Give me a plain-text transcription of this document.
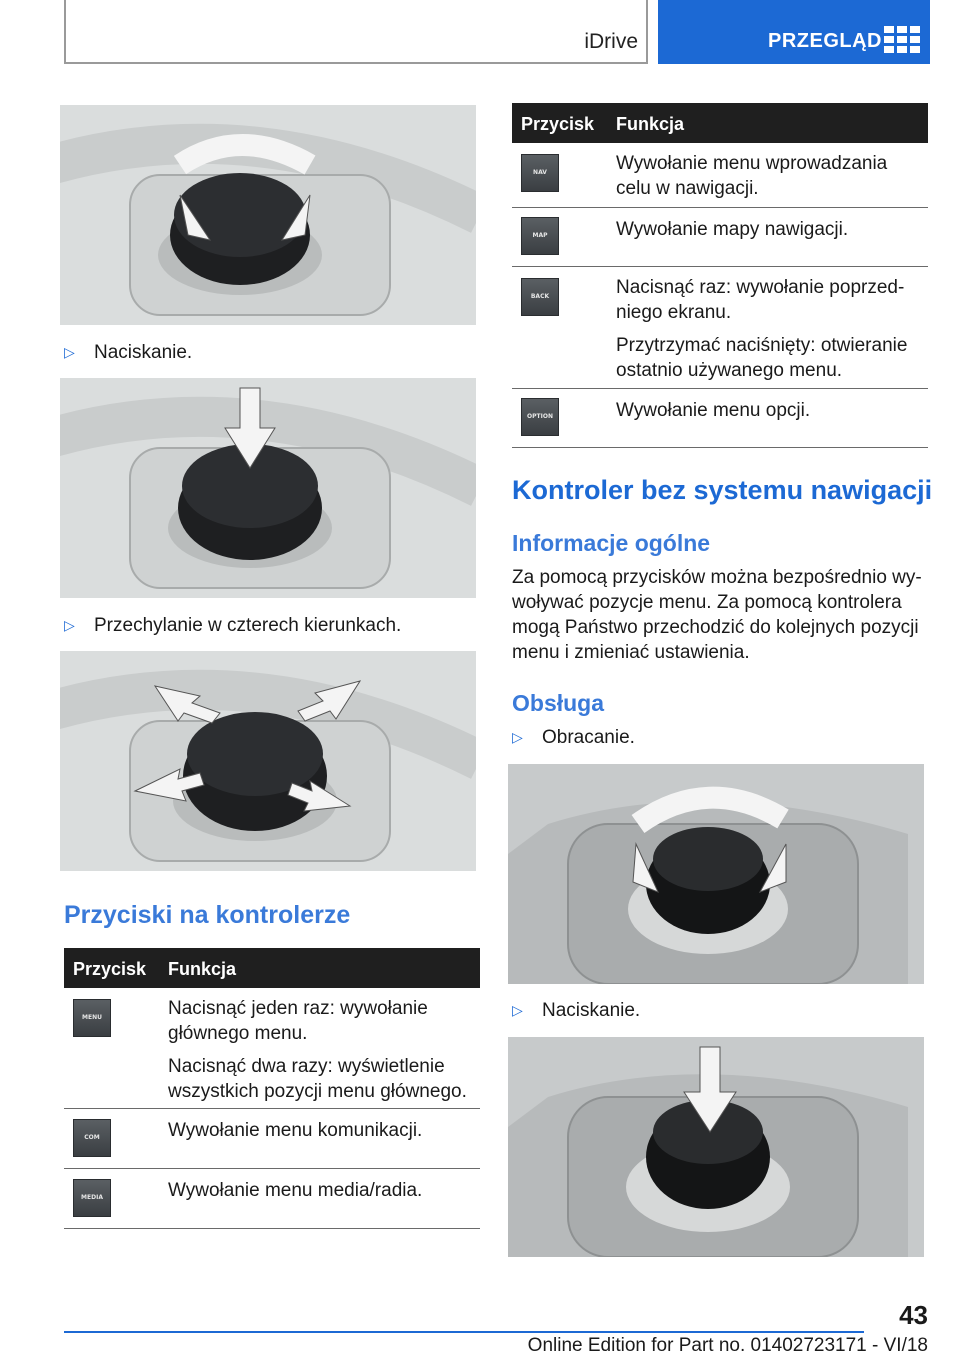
iDrive	PRZEGLĄD
▷ Naciskanie.
▷ Przechylanie w czterech kierunkach.
Przyciski na kontrolerze
Przycisk Funkcja
MENU	Nacisnąć jeden raz: wywołanie
głównego menu.
Nacisnąć dwa razy: wyświetlenie
wszystkich pozycji menu głównego.
COM	Wywołanie menu komunikacji.
MEDIA	Wywołanie menu media/radia.
Przycisk Funkcja
NAV	Wywołanie menu wprowadzania
celu w nawigacji.
MAP	Wywołanie mapy nawigacji.
BACK	Nacisnąć raz: wywołanie poprzed-
niego ekranu.
Przytrzymać naciśnięty: otwieranie
ostatnio używanego menu.
OPTION	Wywołanie menu opcji.
Kontroler bez systemu nawigacji
Informacje ogólne
Za pomocą przycisków można bezpośrednio wy-
woływać pozycje menu. Za pomocą kontrolera
mogą Państwo przechodzić do kolejnych pozycji
menu i zmieniać ustawienia.
Obsługa
▷ Obracanie.
▷ Naciskanie.
43
Online Edition for Part no. 01402723171 - VI/18
